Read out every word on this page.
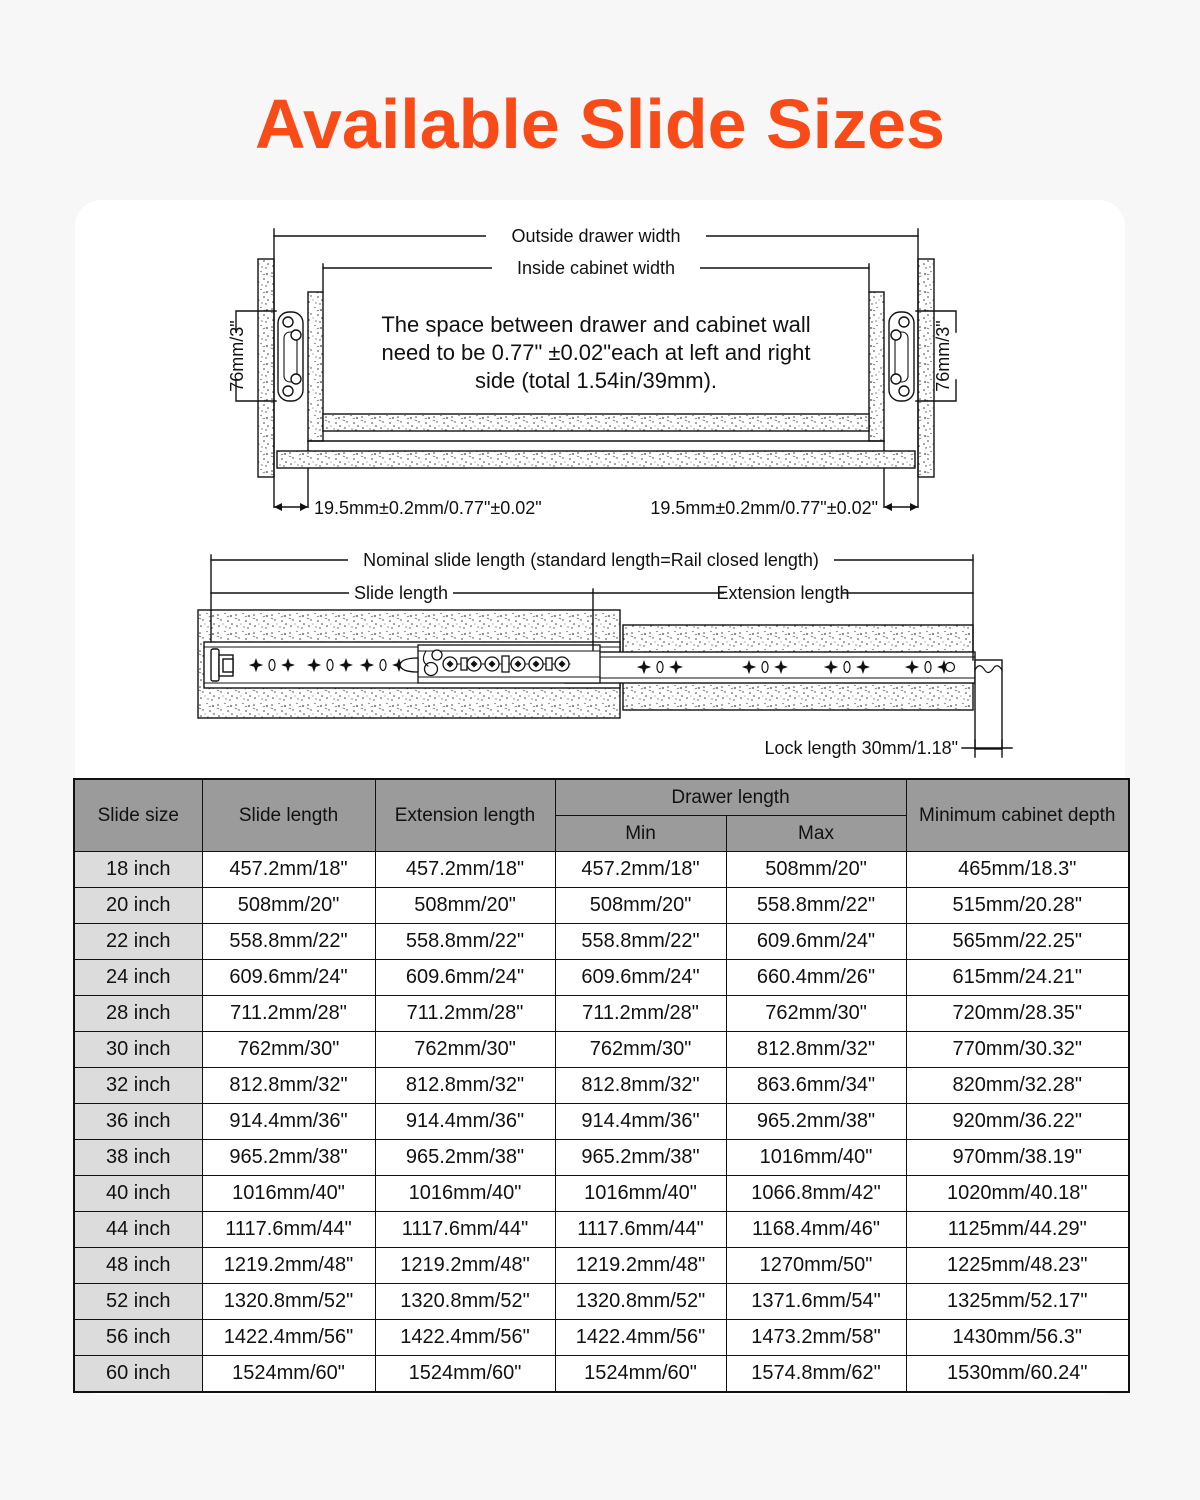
Available Slide Sizes
Outside drawer width
Inside cabinet width
The space between drawer and cabinet wall
need to be 0.77" ±0.02"each at left and right
side (total 1.54in/39mm).
76mm/3"	76mm/3"
19.5mm±0.2mm/0.77"±0.02"	19.5mm±0.2mm/0.77"±0.02"
Nominal slide length (standard length=Rail closed length)
Slide length	Extension length
Lock length 30mm/1.18"
Slide size	Slide length	Extension length	Drawer length		Minimum cabinet depth
			Min	Max	
18 inch	457.2mm/18"	457.2mm/18"	457.2mm/18"	508mm/20"	465mm/18.3"
20 inch	508mm/20"	508mm/20"	508mm/20"	558.8mm/22"	515mm/20.28"
22 inch	558.8mm/22"	558.8mm/22"	558.8mm/22"	609.6mm/24"	565mm/22.25"
24 inch	609.6mm/24"	609.6mm/24"	609.6mm/24"	660.4mm/26"	615mm/24.21"
28 inch	711.2mm/28"	711.2mm/28"	711.2mm/28"	762mm/30"	720mm/28.35"
30 inch	762mm/30"	762mm/30"	762mm/30"	812.8mm/32"	770mm/30.32"
32 inch	812.8mm/32"	812.8mm/32"	812.8mm/32"	863.6mm/34"	820mm/32.28"
36 inch	914.4mm/36"	914.4mm/36"	914.4mm/36"	965.2mm/38"	920mm/36.22"
38 inch	965.2mm/38"	965.2mm/38"	965.2mm/38"	1016mm/40"	970mm/38.19"
40 inch	1016mm/40"	1016mm/40"	1016mm/40"	1066.8mm/42"	1020mm/40.18"
44 inch	1117.6mm/44"	1117.6mm/44"	1117.6mm/44"	1168.4mm/46"	1125mm/44.29"
48 inch	1219.2mm/48"	1219.2mm/48"	1219.2mm/48"	1270mm/50"	1225mm/48.23"
52 inch	1320.8mm/52"	1320.8mm/52"	1320.8mm/52"	1371.6mm/54"	1325mm/52.17"
56 inch	1422.4mm/56"	1422.4mm/56"	1422.4mm/56"	1473.2mm/58"	1430mm/56.3"
60 inch	1524mm/60"	1524mm/60"	1524mm/60"	1574.8mm/62"	1530mm/60.24"
